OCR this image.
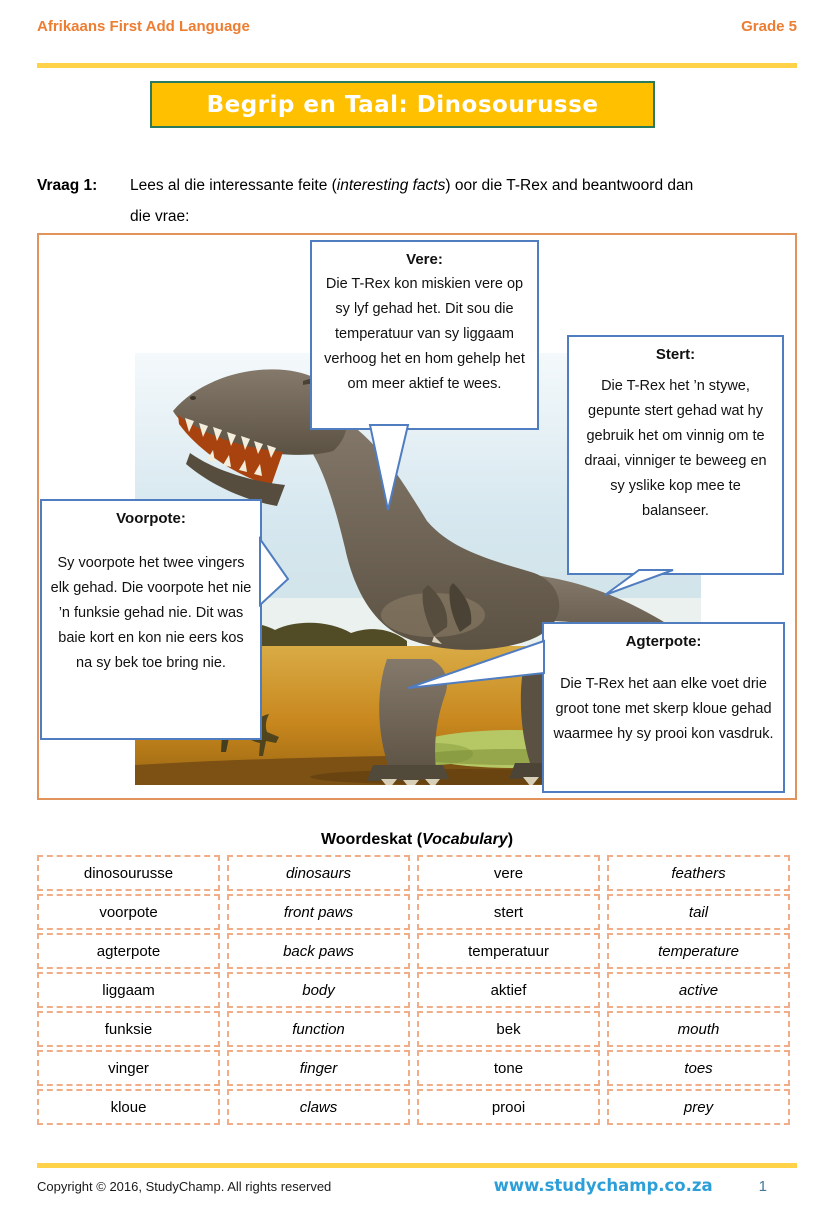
Afrikaans First Add Language	Grade 5
Begrip en Taal: Dinosourusse
Vraag 1:	Lees al die interessante feite (interesting facts) oor die T-Rex and beantwoord dan
die vrae:
Vere:
Die T-Rex kon miskien vere op sy lyf gehad het. Dit sou die temperatuur van sy liggaam verhoog het en hom gehelp het om meer aktief te wees.
Stert:
Die T-Rex het ’n stywe, gepunte stert gehad wat hy gebruik het om vinnig om te draai, vinniger te beweeg en sy yslike kop mee te balanseer.
Voorpote:
Sy voorpote het twee vingers elk gehad. Die voorpote het nie ’n funksie gehad nie. Dit was baie kort en kon nie eers kos na sy bek toe bring nie.
Agterpote:
Die T-Rex het aan elke voet drie groot tone met skerp kloue gehad waarmee hy sy prooi kon vasdruk.
Woordeskat (Vocabulary)
dinosourusse	dinosaurs	vere	feathers
voorpote	front paws	stert	tail
agterpote	back paws	temperatuur	temperature
liggaam	body	aktief	active
funksie	function	bek	mouth
vinger	finger	tone	toes
kloue	claws	prooi	prey
Copyright © 2016, StudyChamp. All rights reserved	www.studychamp.co.za	1
